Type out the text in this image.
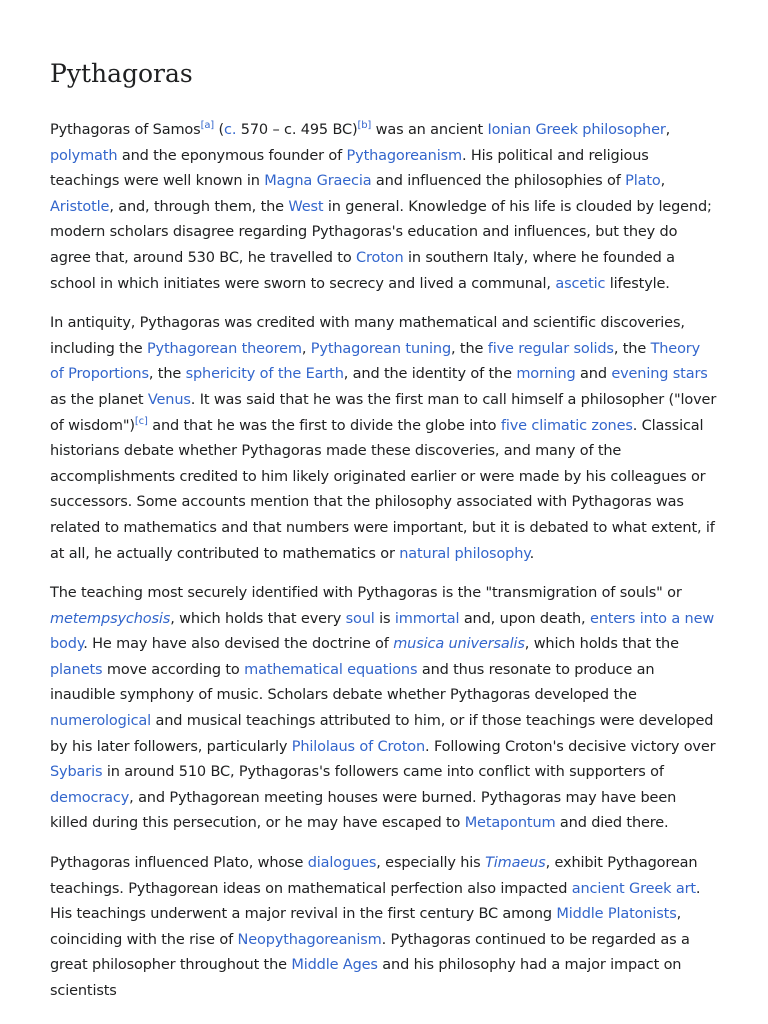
Pythagoras

Pythagoras of Samos[a] (c. 570 – c. 495 BC)[b] was an ancient Ionian Greek philosopher, polymath and the eponymous founder of Pythagoreanism. His political and religious teachings were well known in Magna Graecia and influenced the philosophies of Plato, Aristotle, and, through them, the West in general. Knowledge of his life is clouded by legend; modern scholars disagree regarding Pythagoras's education and influences, but they do agree that, around 530 BC, he travelled to Croton in southern Italy, where he founded a school in which initiates were sworn to secrecy and lived a communal, ascetic lifestyle.

In antiquity, Pythagoras was credited with many mathematical and scientific discoveries, including the Pythagorean theorem, Pythagorean tuning, the five regular solids, the Theory of Proportions, the sphericity of the Earth, and the identity of the morning and evening stars as the planet Venus. It was said that he was the first man to call himself a philosopher ("lover of wisdom")[c] and that he was the first to divide the globe into five climatic zones. Classical historians debate whether Pythagoras made these discoveries, and many of the accomplishments credited to him likely originated earlier or were made by his colleagues or successors. Some accounts mention that the philosophy associated with Pythagoras was related to mathematics and that numbers were important, but it is debated to what extent, if at all, he actually contributed to mathematics or natural philosophy.

The teaching most securely identified with Pythagoras is the "transmigration of souls" or metempsychosis, which holds that every soul is immortal and, upon death, enters into a new body. He may have also devised the doctrine of musica universalis, which holds that the planets move according to mathematical equations and thus resonate to produce an inaudible symphony of music. Scholars debate whether Pythagoras developed the numerological and musical teachings attributed to him, or if those teachings were developed by his later followers, particularly Philolaus of Croton. Following Croton's decisive victory over Sybaris in around 510 BC, Pythagoras's followers came into conflict with supporters of democracy, and Pythagorean meeting houses were burned. Pythagoras may have been killed during this persecution, or he may have escaped to Metapontum and died there.

Pythagoras influenced Plato, whose dialogues, especially his Timaeus, exhibit Pythagorean teachings. Pythagorean ideas on mathematical perfection also impacted ancient Greek art. His teachings underwent a major revival in the first century BC among Middle Platonists, coinciding with the rise of Neopythagoreanism. Pythagoras continued to be regarded as a great philosopher throughout the Middle Ages and his philosophy had a major impact on scientists
